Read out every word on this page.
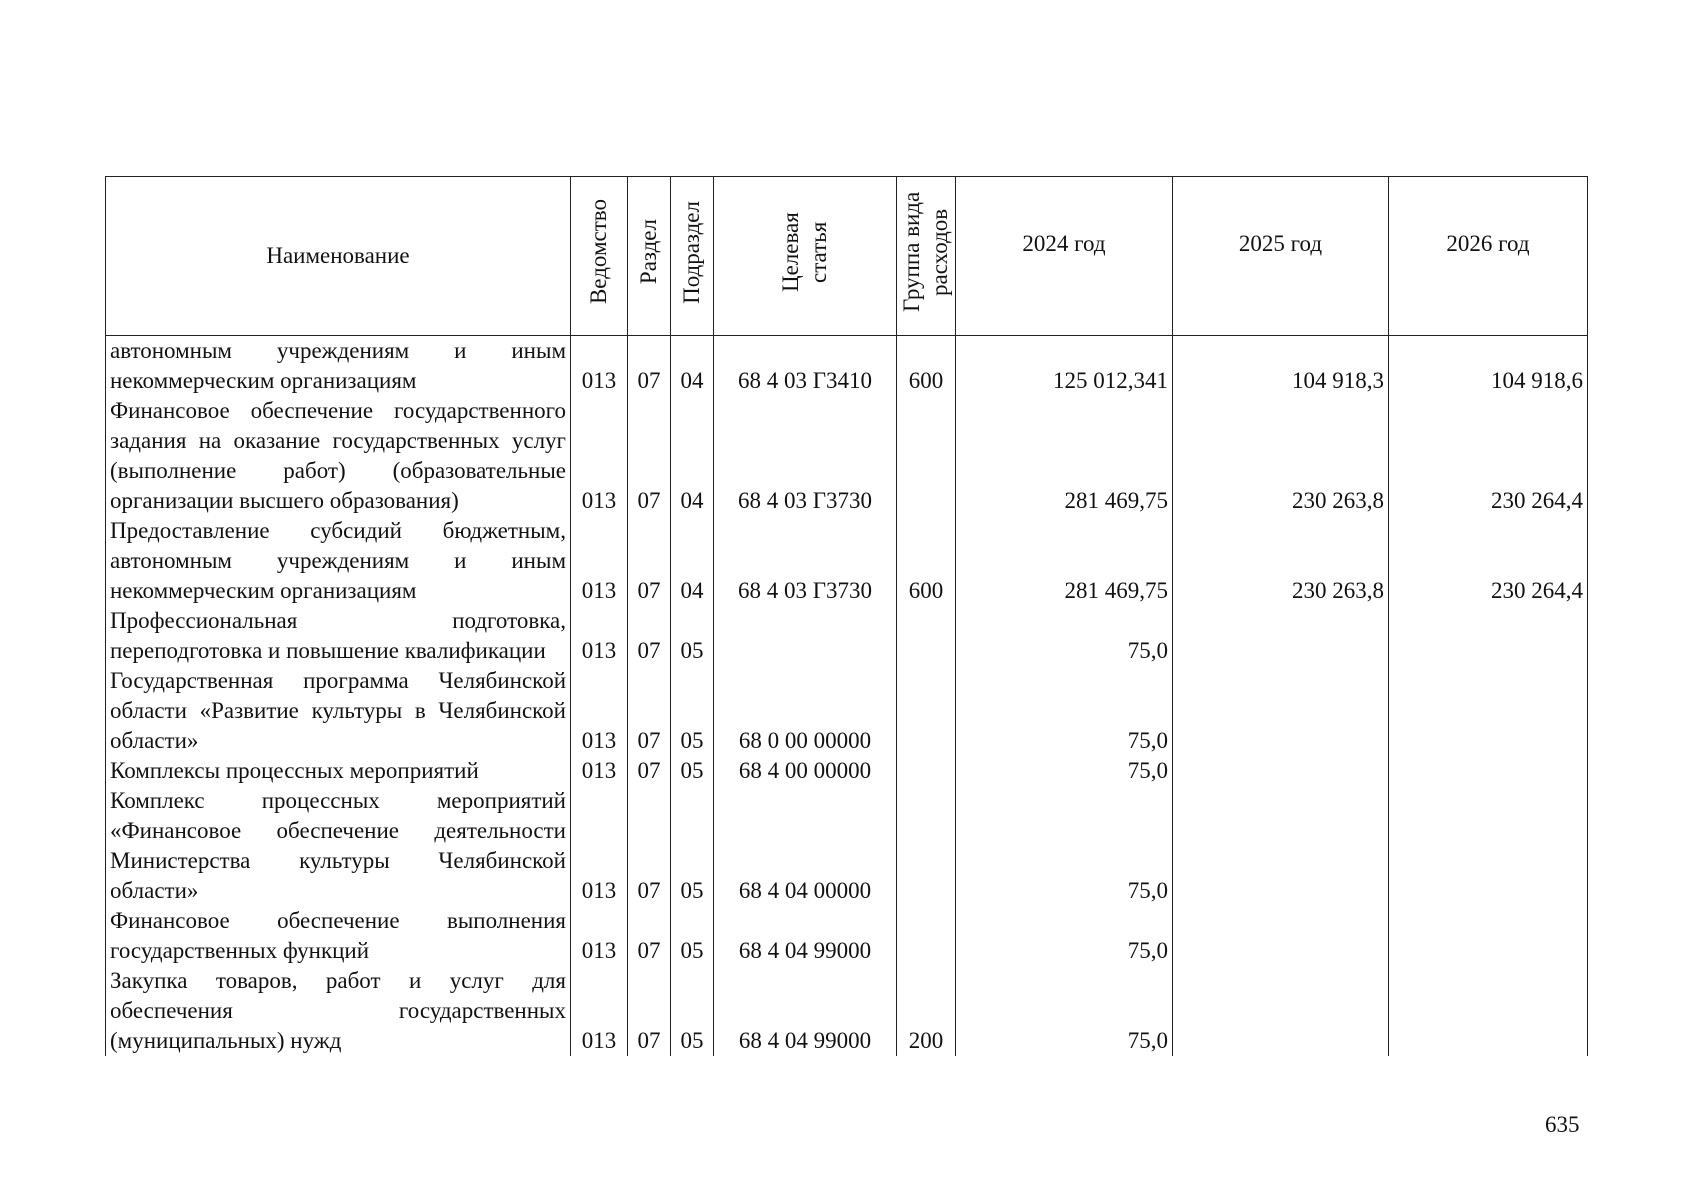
Наименование	Ведомство	Раздел	Подраздел	Целевая статья	Группа вида расходов	2024 год	2025 год	2026 год
автономным учреждениям и иным некоммерческим организациям	013	07	04	68 4 03 Г3410	600	125 012,341	104 918,3	104 918,6
Финансовое обеспечение государственного задания на оказание государственных услуг (выполнение работ) (образовательные организации высшего образования)	013	07	04	68 4 03 Г3730		281 469,75	230 263,8	230 264,4
Предоставление субсидий бюджетным, автономным учреждениям и иным некоммерческим организациям	013	07	04	68 4 03 Г3730	600	281 469,75	230 263,8	230 264,4
Профессиональная подготовка, переподготовка и повышение квалификации	013	07	05			75,0		
Государственная программа Челябинской области «Развитие культуры в Челябинской области»	013	07	05	68 0 00 00000		75,0		
Комплексы процессных мероприятий	013	07	05	68 4 00 00000		75,0		
Комплекс процессных мероприятий «Финансовое обеспечение деятельности Министерства культуры Челябинской области»	013	07	05	68 4 04 00000		75,0		
Финансовое обеспечение выполнения государственных функций	013	07	05	68 4 04 99000		75,0		
Закупка товаров, работ и услуг для обеспечения государственных (муниципальных) нужд	013	07	05	68 4 04 99000	200	75,0		
635
